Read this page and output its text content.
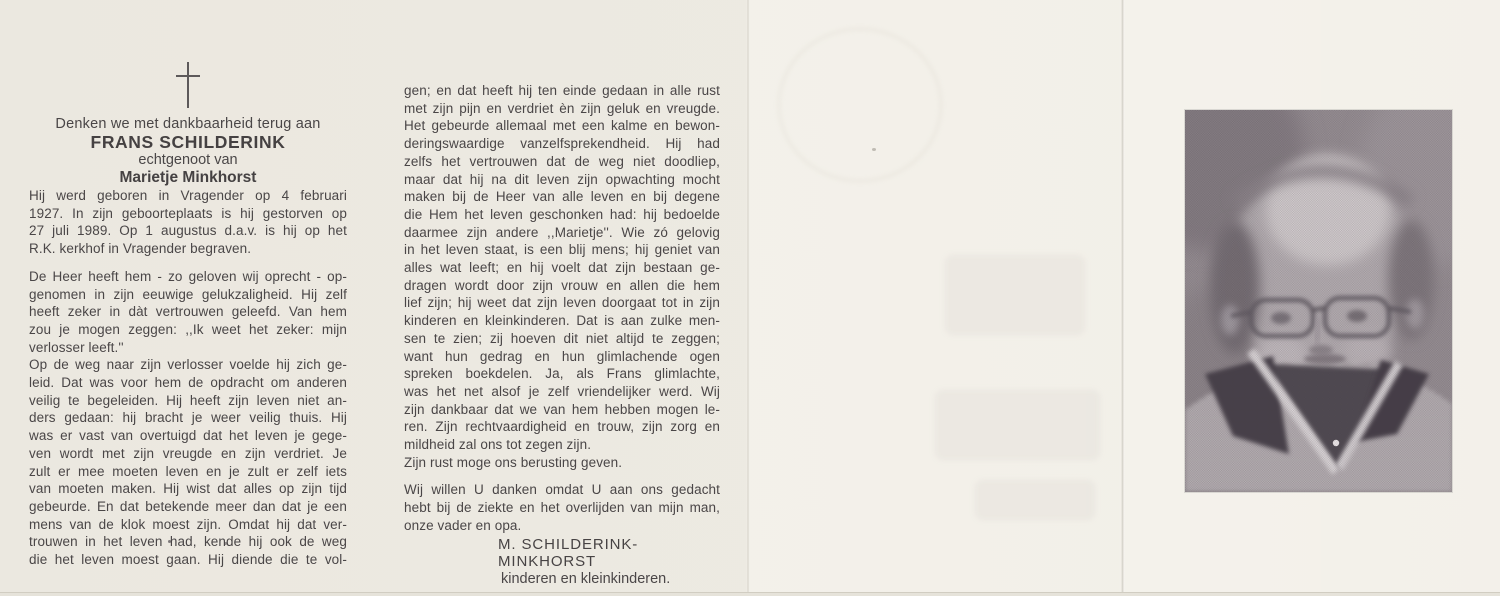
Denken we met dankbaarheid terug aan
FRANS SCHILDERINK
echtgenoot van
Marietje Minkhorst
Hij werd geboren in Vragender op 4 februari
1927. In zijn geboorteplaats is hij gestorven op
27 juli 1989. Op 1 augustus d.a.v. is hij op het
R.K. kerkhof in Vragender begraven.
De Heer heeft hem - zo geloven wij oprecht - op-
genomen in zijn eeuwige gelukzaligheid. Hij zelf
heeft zeker in dàt vertrouwen geleefd. Van hem
zou je mogen zeggen: ,,Ik weet het zeker: mijn
verlosser leeft.''
Op de weg naar zijn verlosser voelde hij zich ge-
leid. Dat was voor hem de opdracht om anderen
veilig te begeleiden. Hij heeft zijn leven niet an-
ders gedaan: hij bracht je weer veilig thuis. Hij
was er vast van overtuigd dat het leven je gege-
ven wordt met zijn vreugde en zijn verdriet. Je
zult er mee moeten leven en je zult er zelf iets
van moeten maken. Hij wist dat alles op zijn tijd
gebeurde. En dat betekende meer dan dat je een
mens van de klok moest zijn. Omdat hij dat ver-
trouwen in het leven had, kende hij ook de weg
die het leven moest gaan. Hij diende die te vol-
gen; en dat heeft hij ten einde gedaan in alle rust
met zijn pijn en verdriet èn zijn geluk en vreugde.
Het gebeurde allemaal met een kalme en bewon-
deringswaardige vanzelfsprekendheid. Hij had
zelfs het vertrouwen dat de weg niet doodliep,
maar dat hij na dit leven zijn opwachting mocht
maken bij de Heer van alle leven en bij degene
die Hem het leven geschonken had: hij bedoelde
daarmee zijn andere ,,Marietje''. Wie zó gelovig
in het leven staat, is een blij mens; hij geniet van
alles wat leeft; en hij voelt dat zijn bestaan ge-
dragen wordt door zijn vrouw en allen die hem
lief zijn; hij weet dat zijn leven doorgaat tot in zijn
kinderen en kleinkinderen. Dat is aan zulke men-
sen te zien; zij hoeven dit niet altijd te zeggen;
want hun gedrag en hun glimlachende ogen
spreken boekdelen. Ja, als Frans glimlachte,
was het net alsof je zelf vriendelijker werd. Wij
zijn dankbaar dat we van hem hebben mogen le-
ren. Zijn rechtvaardigheid en trouw, zijn zorg en
mildheid zal ons tot zegen zijn.
Zijn rust moge ons berusting geven.
Wij willen U danken omdat U aan ons gedacht
hebt bij de ziekte en het overlijden van mijn man,
onze vader en opa.
M. SCHILDERINK-MINKHORST
kinderen en kleinkinderen.
